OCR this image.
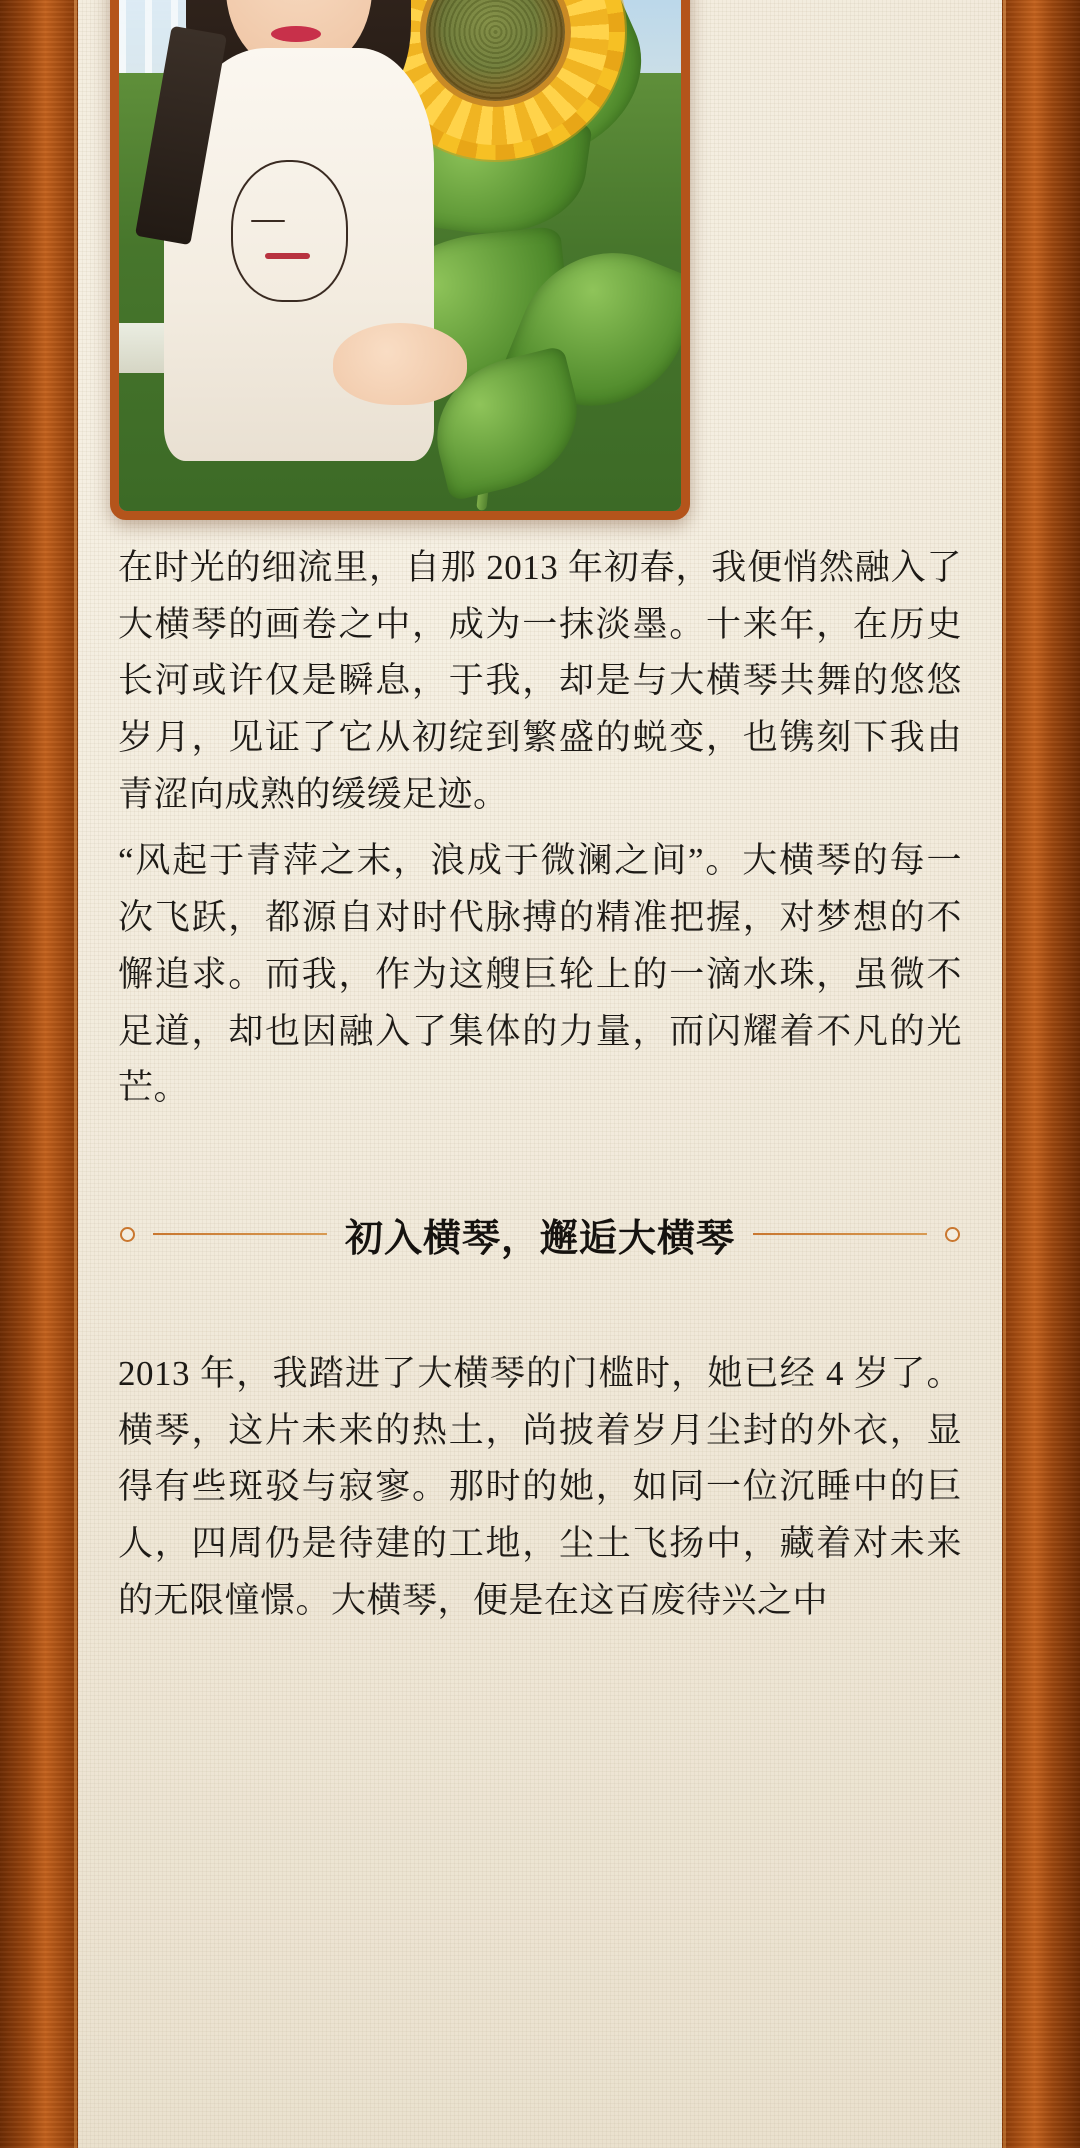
在时光的细流里，自那 2013 年初春，我便悄然融入了大横琴的画卷之中，成为一抹淡墨。十来年，在历史长河或许仅是瞬息，于我，却是与大横琴共舞的悠悠岁月，见证了它从初绽到繁盛的蜕变，也镌刻下我由青涩向成熟的缓缓足迹。

“风起于青萍之末，浪成于微澜之间”。大横琴的每一次飞跃，都源自对时代脉搏的精准把握，对梦想的不懈追求。而我，作为这艘巨轮上的一滴水珠，虽微不足道，却也因融入了集体的力量，而闪耀着不凡的光芒。

初入横琴，邂逅大横琴

2013 年，我踏进了大横琴的门槛时，她已经 4 岁了。横琴，这片未来的热土，尚披着岁月尘封的外衣，显得有些斑驳与寂寥。那时的她，如同一位沉睡中的巨人，四周仍是待建的工地，尘土飞扬中，藏着对未来的无限憧憬。大横琴，便是在这百废待兴之中
